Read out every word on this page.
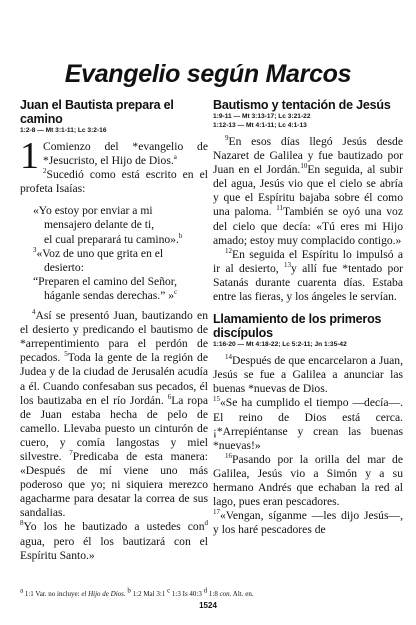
Evangelio según Marcos
Juan el Bautista prepara el camino
1:2-8 — Mt 3:1-11; Lc 3:2-16

1 Comienzo del *evangelio de *Jesucristo, el Hijo de Dios.$^a$
$^2$Sucedió como está escrito en el profeta Isaías:

«Yo estoy por enviar a mi
mensajero delante de ti,
el cual preparará tu camino».$^b$
$^3$«Voz de uno que grita en el
desierto:
“Preparen el camino del Señor,
háganle sendas derechas.” »$^c$

$^4$Así se presentó Juan, bautizando en el desierto y predicando el bautismo de *arrepentimiento para el perdón de pecados. $^5$Toda la gente de la región de Judea y de la ciudad de Jerusalén acudía a él. Cuando confesaban sus pecados, él los bautizaba en el río Jordán. $^6$La ropa de Juan estaba hecha de pelo de camello. Llevaba puesto un cinturón de cuero, y comía langostas y miel silvestre. $^7$Predicaba de esta manera: «Después de mí viene uno más poderoso que yo; ni siquiera merezco agacharme para desatar la correa de sus sandalias.
$^8$Yo los he bautizado a ustedes con$^d$ agua, pero él los bautizará con el Espíritu Santo.»

Bautismo y tentación de Jesús
1:9-11 — Mt 3:13-17; Lc 3:21-22
1:12-13 — Mt 4:1-11; Lc 4:1-13

$^9$En esos días llegó Jesús desde Nazaret de Galilea y fue bautizado por Juan en el Jordán.$^{10}$En seguida, al subir del agua, Jesús vio que el cielo se abría y que el Espíritu bajaba sobre él como una paloma. $^{11}$También se oyó una voz del cielo que decía: «Tú eres mi Hijo amado; estoy muy complacido contigo.»

$^{12}$En seguida el Espíritu lo impulsó a ir al desierto, $^{13}$y allí fue *tentado por Satanás durante cuarenta días. Estaba entre las fieras, y los ángeles le servían.

Llamamiento de los primeros discípulos
1:16-20 — Mt 4:18-22; Lc 5:2-11; Jn 1:35-42

$^{14}$Después de que encarcelaron a Juan, Jesús se fue a Galilea a anunciar las buenas *nuevas de Dios.
$^{15}$«Se ha cumplido el tiempo —decía—. El reino de Dios está cerca. ¡*Arrepiéntanse y crean las buenas *nuevas!»

$^{16}$Pasando por la orilla del mar de Galilea, Jesús vio a Simón y a su hermano Andrés que echaban la red al lago, pues eran pescadores.
$^{17}$«Vengan, síganme —les dijo Jesús—, y los haré pescadores de

$^a$ 1:1 Var. no incluye: el Hijo de Dios. $^b$ 1:2 Mal 3:1 $^c$ 1:3 Is 40:3 $^d$ 1:8 con. Alt. en.
1524
